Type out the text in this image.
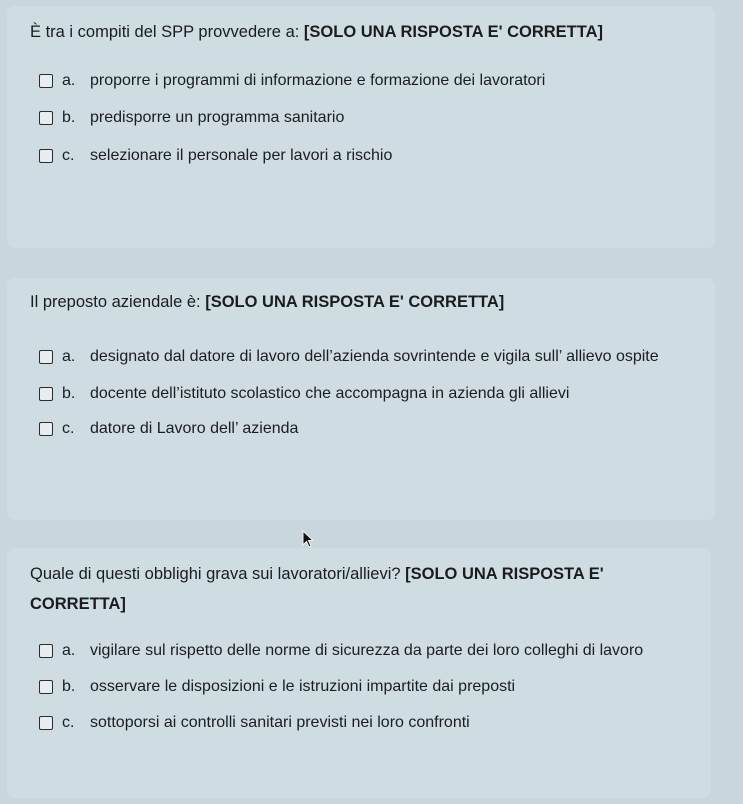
È tra i compiti del SPP provvedere a: [SOLO UNA RISPOSTA E' CORRETTA]
a. proporre i programmi di informazione e formazione dei lavoratori
b. predisporre un programma sanitario
c. selezionare il personale per lavori a rischio
Il preposto aziendale è: [SOLO UNA RISPOSTA E' CORRETTA]
a. designato dal datore di lavoro dell’azienda sovrintende e vigila sull’ allievo ospite
b. docente dell’istituto scolastico che accompagna in azienda gli allievi
c. datore di Lavoro dell’ azienda
Quale di questi obblighi grava sui lavoratori/allievi? [SOLO UNA RISPOSTA E' CORRETTA]
a. vigilare sul rispetto delle norme di sicurezza da parte dei loro colleghi di lavoro
b. osservare le disposizioni e le istruzioni impartite dai preposti
c. sottoporsi ai controlli sanitari previsti nei loro confronti
